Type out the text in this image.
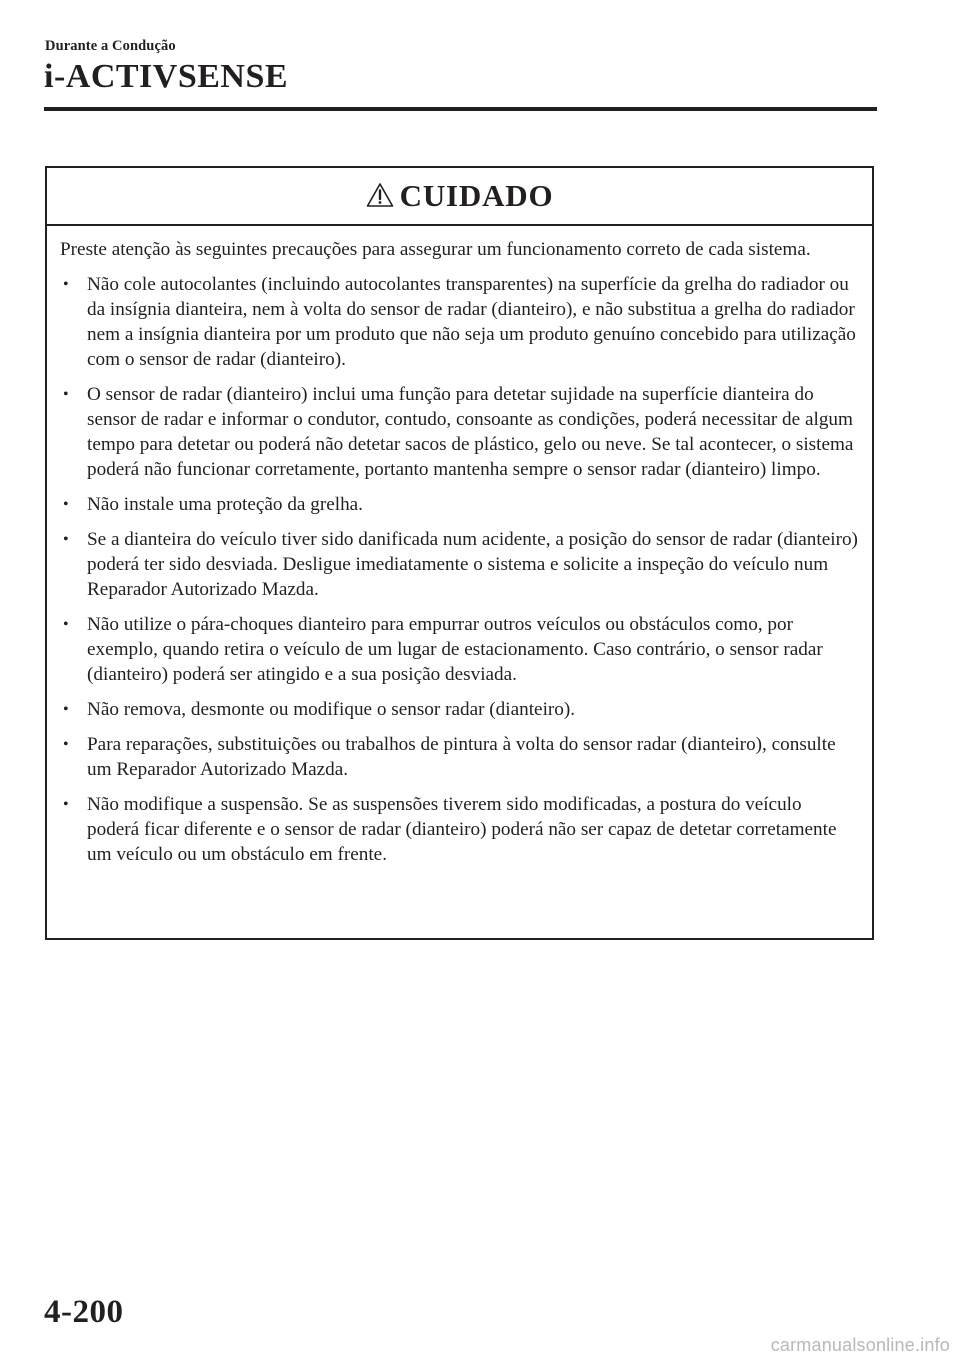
Durante a Condução
i-ACTIVSENSE
CUIDADO

Preste atenção às seguintes precauções para assegurar um funcionamento correto de cada sistema.

• Não cole autocolantes (incluindo autocolantes transparentes) na superfície da grelha do radiador ou da insígnia dianteira, nem à volta do sensor de radar (dianteiro), e não substitua a grelha do radiador nem a insígnia dianteira por um produto que não seja um produto genuíno concebido para utilização com o sensor de radar (dianteiro).
• O sensor de radar (dianteiro) inclui uma função para detetar sujidade na superfície dianteira do sensor de radar e informar o condutor, contudo, consoante as condições, poderá necessitar de algum tempo para detetar ou poderá não detetar sacos de plástico, gelo ou neve. Se tal acontecer, o sistema poderá não funcionar corretamente, portanto mantenha sempre o sensor radar (dianteiro) limpo.
• Não instale uma proteção da grelha.
• Se a dianteira do veículo tiver sido danificada num acidente, a posição do sensor de radar (dianteiro) poderá ter sido desviada. Desligue imediatamente o sistema e solicite a inspeção do veículo num Reparador Autorizado Mazda.
• Não utilize o pára-choques dianteiro para empurrar outros veículos ou obstáculos como, por exemplo, quando retira o veículo de um lugar de estacionamento. Caso contrário, o sensor radar (dianteiro) poderá ser atingido e a sua posição desviada.
• Não remova, desmonte ou modifique o sensor radar (dianteiro).
• Para reparações, substituições ou trabalhos de pintura à volta do sensor radar (dianteiro), consulte um Reparador Autorizado Mazda.
• Não modifique a suspensão. Se as suspensões tiverem sido modificadas, a postura do veículo poderá ficar diferente e o sensor de radar (dianteiro) poderá não ser capaz de detetar corretamente um veículo ou um obstáculo em frente.
4-200
carmanualsonline.info
